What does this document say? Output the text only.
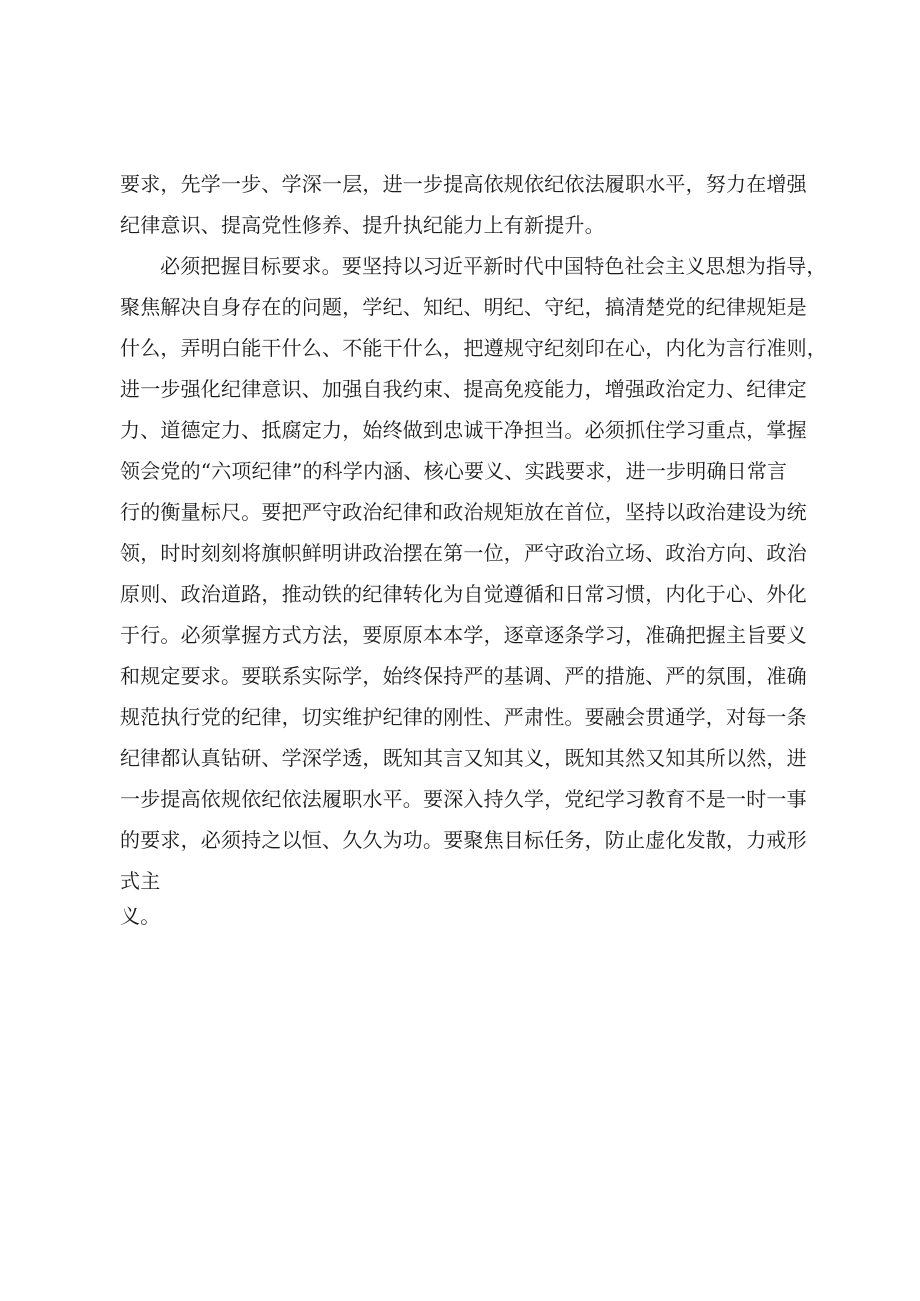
要求，先学一步、学深一层，进一步提高依规依纪依法履职水平，努力在增强
纪律意识、提高党性修养、提升执纪能力上有新提升。
必须把握目标要求。要坚持以习近平新时代中国特色社会主义思想为指导，
聚焦解决自身存在的问题，学纪、知纪、明纪、守纪，搞清楚党的纪律规矩是
什么，弄明白能干什么、不能干什么，把遵规守纪刻印在心，内化为言行准则，
进一步强化纪律意识、加强自我约束、提高免疫能力，增强政治定力、纪律定
力、道德定力、抵腐定力，始终做到忠诚干净担当。必须抓住学习重点，掌握
领会党的“六项纪律”的科学内涵、核心要义、实践要求，进一步明确日常言
行的衡量标尺。要把严守政治纪律和政治规矩放在首位，坚持以政治建设为统
领，时时刻刻将旗帜鲜明讲政治摆在第一位，严守政治立场、政治方向、政治
原则、政治道路，推动铁的纪律转化为自觉遵循和日常习惯，内化于心、外化
于行。必须掌握方式方法，要原原本本学，逐章逐条学习，准确把握主旨要义
和规定要求。要联系实际学，始终保持严的基调、严的措施、严的氛围，准确
规范执行党的纪律，切实维护纪律的刚性、严肃性。要融会贯通学，对每一条
纪律都认真钻研、学深学透，既知其言又知其义，既知其然又知其所以然，进
一步提高依规依纪依法履职水平。要深入持久学，党纪学习教育不是一时一事
的要求，必须持之以恒、久久为功。要聚焦目标任务，防止虚化发散，力戒形
式主
义。
